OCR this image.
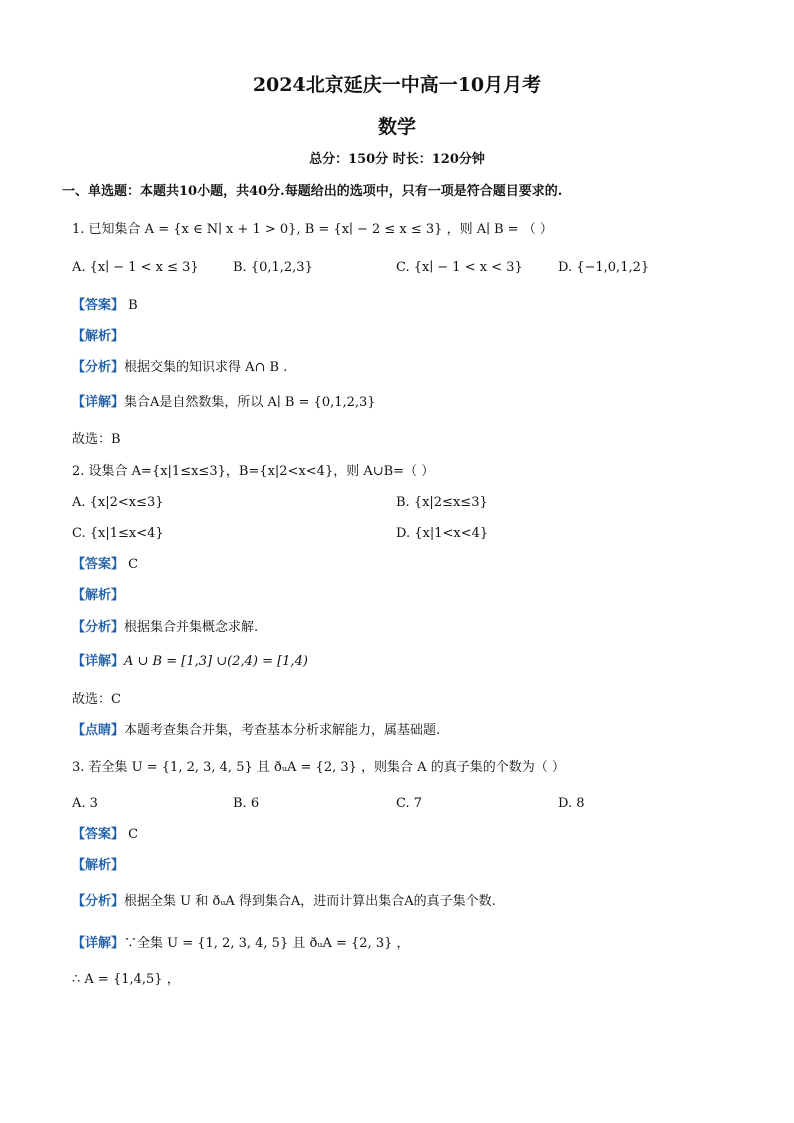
2024北京延庆一中高一10月月考
数学
总分：150分 时长：120分钟
一、单选题：本题共10小题，共40分.每题给出的选项中，只有一项是符合题目要求的.
1. 已知集合 A = {x ∈ N∣ x + 1 > 0}, B = {x∣ − 2 ≤ x ≤ 3} ，则 A∣ B = （ ）
A. {x∣ − 1 < x ≤ 3}	B. {0,1,2,3}	C. {x∣ − 1 < x < 3}	D. {−1,0,1,2}
【答案】 B
【解析】
【分析】根据交集的知识求得 A∩ B .
【详解】集合A是自然数集，所以 A∣ B = {0,1,2,3}
故选：B
2. 设集合 A={x|1≤x≤3}，B={x|2<x<4}，则 A∪B=（ ）
A. {x|2<x≤3}	B. {x|2≤x≤3}
C. {x|1≤x<4}	D. {x|1<x<4}
【答案】 C
【解析】
【分析】根据集合并集概念求解.
【详解】A ∪ B = [1,3] ∪(2,4) = [1,4)
故选：C
【点睛】本题考查集合并集，考查基本分析求解能力，属基础题.
3. 若全集 U = {1, 2, 3, 4, 5} 且 ðᵤA = {2, 3} ，则集合 A 的真子集的个数为（ ）
A. 3	B. 6	C. 7	D. 8
【答案】 C
【解析】
【分析】根据全集 U 和 ðᵤA 得到集合A，进而计算出集合A的真子集个数.
【详解】∵全集 U = {1, 2, 3, 4, 5} 且 ðᵤA = {2, 3} ，
∴ A = {1,4,5} ，
